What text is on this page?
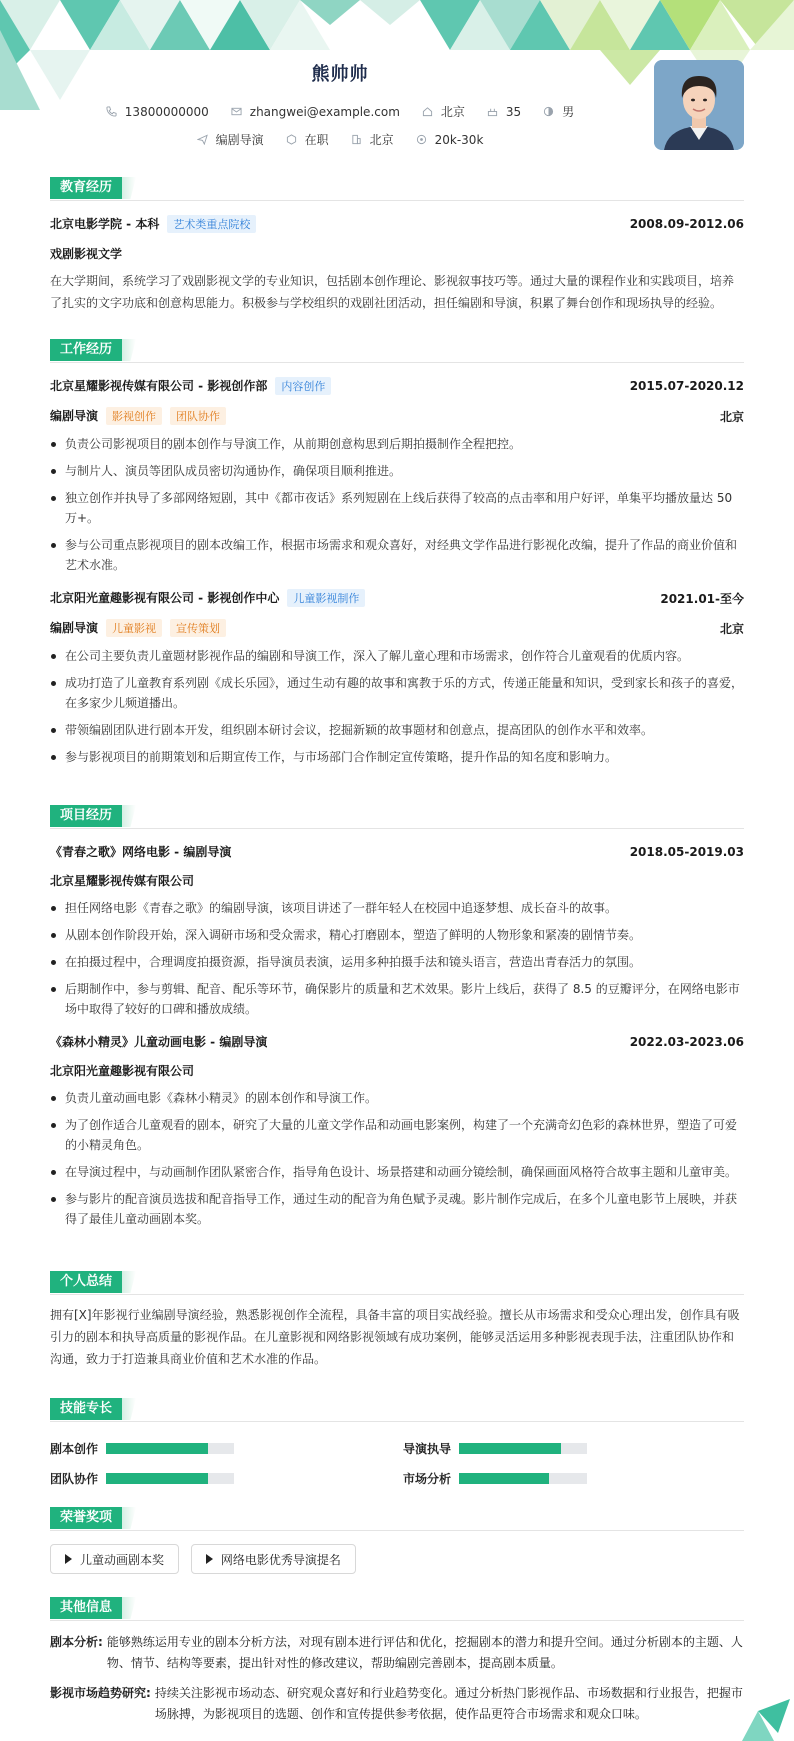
熊帅帅
13800000000	zhangwei@example.com	北京	35	男
编剧导演	在职	北京	20k-30k
教育经历
北京电影学院 - 本科 艺术类重点院校	2008.09-2012.06
戏剧影视文学
在大学期间，系统学习了戏剧影视文学的专业知识，包括剧本创作理论、影视叙事技巧等。通过大量的课程作业和实践项目，培养了扎实的文字功底和创意构思能力。积极参与学校组织的戏剧社团活动，担任编剧和导演，积累了舞台创作和现场执导的经验。
工作经历
北京星耀影视传媒有限公司 - 影视创作部 内容创作	2015.07-2020.12
编剧导演 影视创作 团队协作	北京
负责公司影视项目的剧本创作与导演工作，从前期创意构思到后期拍摄制作全程把控。
与制片人、演员等团队成员密切沟通协作，确保项目顺利推进。
独立创作并执导了多部网络短剧，其中《都市夜话》系列短剧在上线后获得了较高的点击率和用户好评，单集平均播放量达 50 万+。
参与公司重点影视项目的剧本改编工作，根据市场需求和观众喜好，对经典文学作品进行影视化改编，提升了作品的商业价值和艺术水准。
北京阳光童趣影视有限公司 - 影视创作中心 儿童影视制作	2021.01-至今
编剧导演 儿童影视 宣传策划	北京
在公司主要负责儿童题材影视作品的编剧和导演工作，深入了解儿童心理和市场需求，创作符合儿童观看的优质内容。
成功打造了儿童教育系列剧《成长乐园》，通过生动有趣的故事和寓教于乐的方式，传递正能量和知识，受到家长和孩子的喜爱，在多家少儿频道播出。
带领编剧团队进行剧本开发，组织剧本研讨会议，挖掘新颖的故事题材和创意点，提高团队的创作水平和效率。
参与影视项目的前期策划和后期宣传工作，与市场部门合作制定宣传策略，提升作品的知名度和影响力。
项目经历
《青春之歌》网络电影 - 编剧导演	2018.05-2019.03
北京星耀影视传媒有限公司
担任网络电影《青春之歌》的编剧导演，该项目讲述了一群年轻人在校园中追逐梦想、成长奋斗的故事。
从剧本创作阶段开始，深入调研市场和受众需求，精心打磨剧本，塑造了鲜明的人物形象和紧凑的剧情节奏。
在拍摄过程中，合理调度拍摄资源，指导演员表演，运用多种拍摄手法和镜头语言，营造出青春活力的氛围。
后期制作中，参与剪辑、配音、配乐等环节，确保影片的质量和艺术效果。影片上线后，获得了 8.5 的豆瓣评分，在网络电影市场中取得了较好的口碑和播放成绩。
《森林小精灵》儿童动画电影 - 编剧导演	2022.03-2023.06
北京阳光童趣影视有限公司
负责儿童动画电影《森林小精灵》的剧本创作和导演工作。
为了创作适合儿童观看的剧本，研究了大量的儿童文学作品和动画电影案例，构建了一个充满奇幻色彩的森林世界，塑造了可爱的小精灵角色。
在导演过程中，与动画制作团队紧密合作，指导角色设计、场景搭建和动画分镜绘制，确保画面风格符合故事主题和儿童审美。
参与影片的配音演员选拔和配音指导工作，通过生动的配音为角色赋予灵魂。影片制作完成后，在多个儿童电影节上展映，并获得了最佳儿童动画剧本奖。
个人总结
拥有[X]年影视行业编剧导演经验，熟悉影视创作全流程，具备丰富的项目实战经验。擅长从市场需求和受众心理出发，创作具有吸引力的剧本和执导高质量的影视作品。在儿童影视和网络影视领域有成功案例，能够灵活运用多种影视表现手法，注重团队协作和沟通，致力于打造兼具商业价值和艺术水准的作品。
技能专长
剧本创作	导演执导
团队协作	市场分析
荣誉奖项
儿童动画剧本奖
	网络电影优秀导演提名
其他信息
剧本分析: 能够熟练运用专业的剧本分析方法，对现有剧本进行评估和优化，挖掘剧本的潜力和提升空间。通过分析剧本的主题、人物、情节、结构等要素，提出针对性的修改建议，帮助编剧完善剧本，提高剧本质量。
影视市场趋势研究: 持续关注影视市场动态、研究观众喜好和行业趋势变化。通过分析热门影视作品、市场数据和行业报告，把握市场脉搏，为影视项目的选题、创作和宣传提供参考依据，使作品更符合市场需求和观众口味。
